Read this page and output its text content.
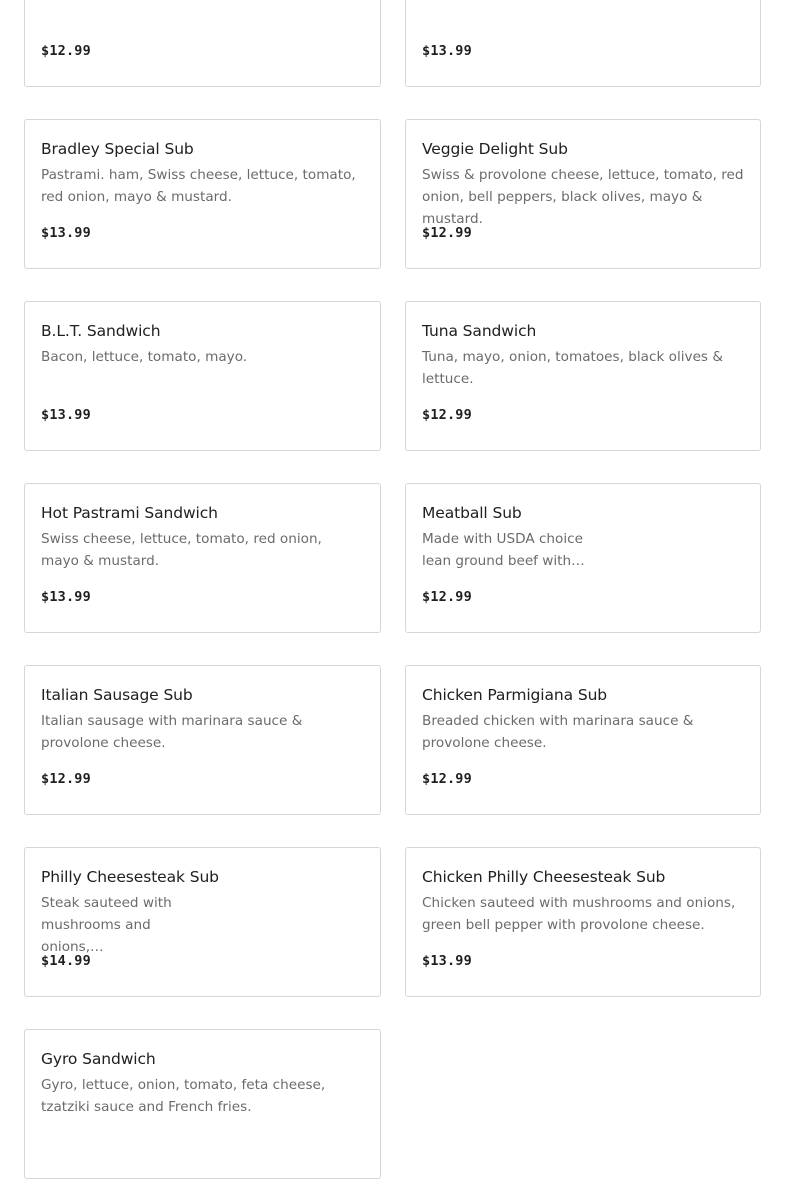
$12.99	$13.99
Bradley Special Sub
Pastrami. ham, Swiss cheese, lettuce, tomato, red onion, mayo & mustard.
$13.99
Veggie Delight Sub
Swiss & provolone cheese, lettuce, tomato, red onion, bell peppers, black olives, mayo & mustard.
$12.99
B.L.T. Sandwich
Bacon, lettuce, tomato, mayo.
$13.99
Tuna Sandwich
Tuna, mayo, onion, tomatoes, black olives & lettuce.
$12.99
Hot Pastrami Sandwich
Swiss cheese, lettuce, tomato, red onion, mayo & mustard.
$13.99
Meatball Sub
Made with USDA choice lean ground beef with…
$12.99
Italian Sausage Sub
Italian sausage with marinara sauce & provolone cheese.
$12.99
Chicken Parmigiana Sub
Breaded chicken with marinara sauce & provolone cheese.
$12.99
Philly Cheesesteak Sub
Steak sauteed with mushrooms and onions,…
$14.99
Chicken Philly Cheesesteak Sub
Chicken sauteed with mushrooms and onions, green bell pepper with provolone cheese.
$13.99
Gyro Sandwich
Gyro, lettuce, onion, tomato, feta cheese, tzatziki sauce and French fries.
